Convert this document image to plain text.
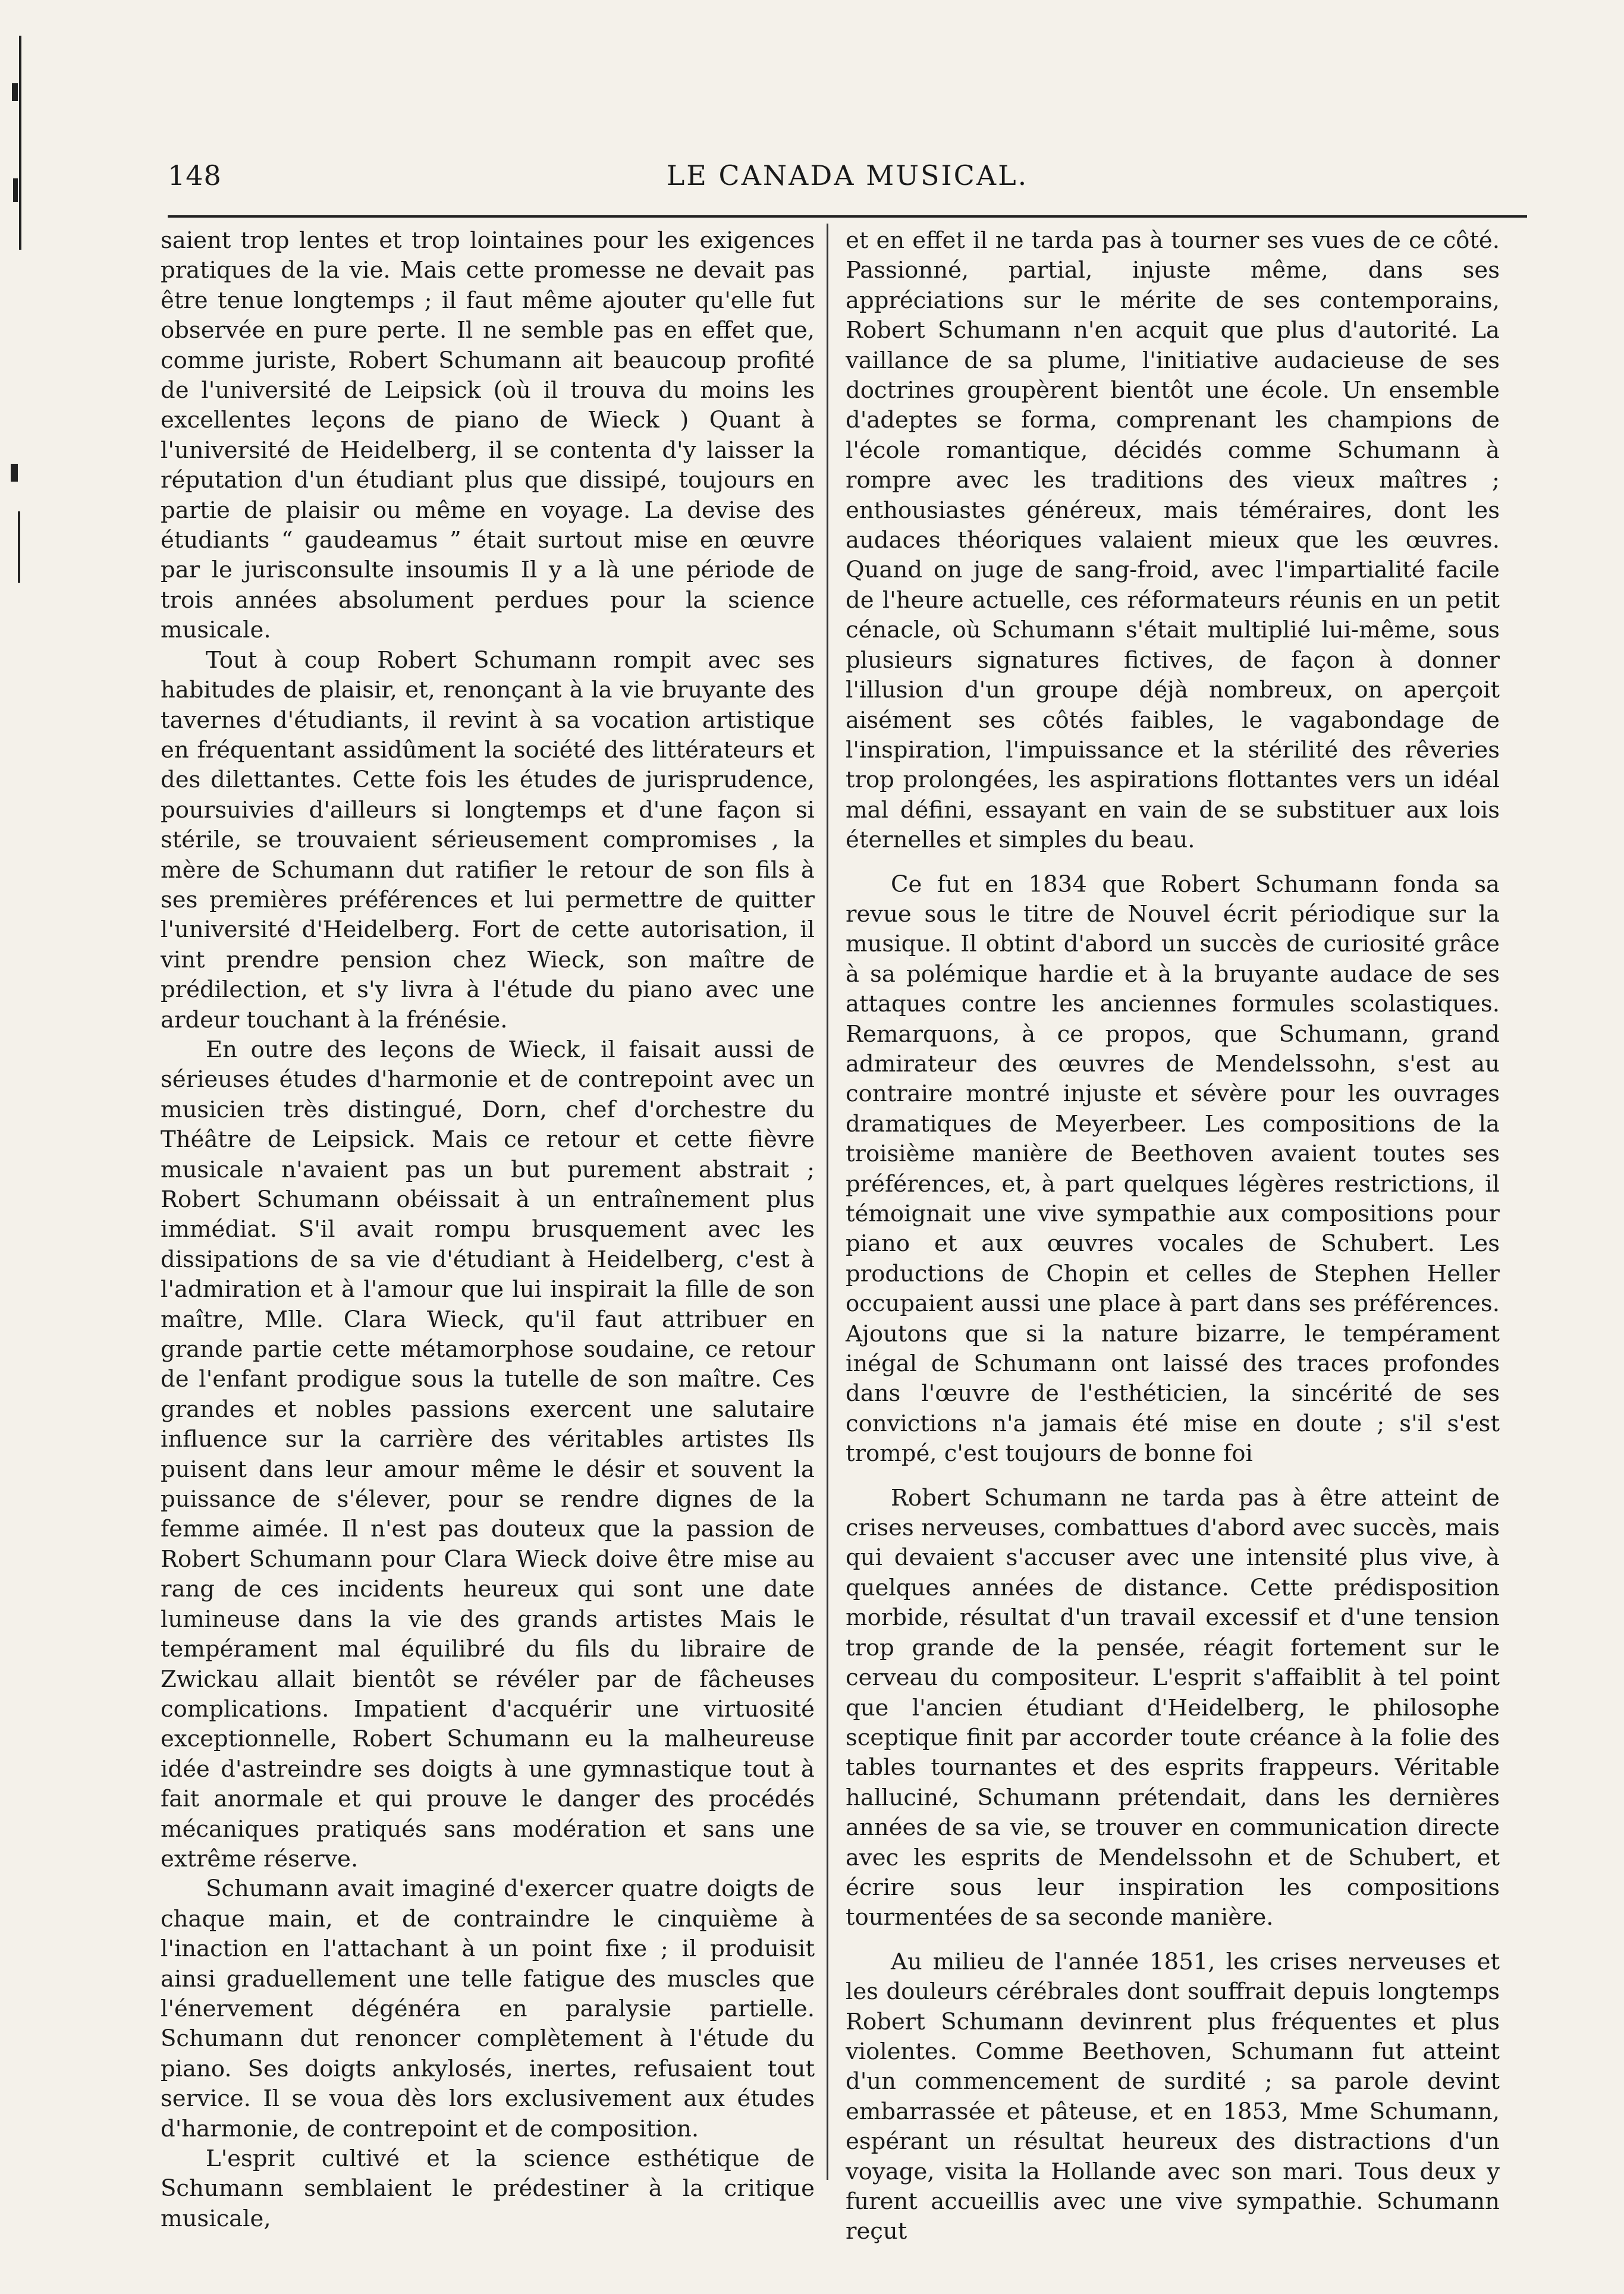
148	LE CANADA MUSICAL.

saient trop lentes et trop lointaines pour les exigences pratiques de la vie. Mais cette promesse ne devait pas être tenue longtemps ; il faut même ajouter qu'elle fut observée en pure perte. Il ne semble pas en effet que, comme juriste, Robert Schumann ait beaucoup profité de l'université de Leipsick (où il trouva du moins les excellentes leçons de piano de Wieck ) Quant à l'université de Heidelberg, il se contenta d'y laisser la réputation d'un étudiant plus que dissipé, toujours en partie de plaisir ou même en voyage. La devise des étudiants “ gaudeamus ” était surtout mise en œuvre par le jurisconsulte insoumis Il y a là une période de trois années absolument perdues pour la science musicale.

Tout à coup Robert Schumann rompit avec ses habitudes de plaisir, et, renonçant à la vie bruyante des tavernes d'étudiants, il revint à sa vocation artistique en fréquentant assidûment la société des littérateurs et des dilettantes. Cette fois les études de jurisprudence, poursuivies d'ailleurs si longtemps et d'une façon si stérile, se trouvaient sérieusement compromises , la mère de Schumann dut ratifier le retour de son fils à ses premières préférences et lui permettre de quitter l'université d'Heidelberg. Fort de cette autorisation, il vint prendre pension chez Wieck, son maître de prédilection, et s'y livra à l'étude du piano avec une ardeur touchant à la frénésie.

En outre des leçons de Wieck, il faisait aussi de sérieuses études d'harmonie et de contrepoint avec un musicien très distingué, Dorn, chef d'orchestre du Théâtre de Leipsick. Mais ce retour et cette fièvre musicale n'avaient pas un but purement abstrait ; Robert Schumann obéissait à un entraînement plus immédiat. S'il avait rompu brusquement avec les dissipations de sa vie d'étudiant à Heidelberg, c'est à l'admiration et à l'amour que lui inspirait la fille de son maître, Mlle. Clara Wieck, qu'il faut attribuer en grande partie cette métamorphose soudaine, ce retour de l'enfant prodigue sous la tutelle de son maître. Ces grandes et nobles passions exercent une salutaire influence sur la carrière des véritables artistes Ils puisent dans leur amour même le désir et souvent la puissance de s'élever, pour se rendre dignes de la femme aimée. Il n'est pas douteux que la passion de Robert Schumann pour Clara Wieck doive être mise au rang de ces incidents heureux qui sont une date lumineuse dans la vie des grands artistes Mais le tempérament mal équilibré du fils du libraire de Zwickau allait bientôt se révéler par de fâcheuses complications. Impatient d'acquérir une virtuosité exceptionnelle, Robert Schumann eu la malheureuse idée d'astreindre ses doigts à une gymnastique tout à fait anormale et qui prouve le danger des procédés mécaniques pratiqués sans modération et sans une extrême réserve.

Schumann avait imaginé d'exercer quatre doigts de chaque main, et de contraindre le cinquième à l'inaction en l'attachant à un point fixe ; il produisit ainsi graduellement une telle fatigue des muscles que l'énervement dégénéra en paralysie partielle. Schumann dut renoncer complètement à l'étude du piano. Ses doigts ankylosés, inertes, refusaient tout service. Il se voua dès lors exclusivement aux études d'harmonie, de contrepoint et de composition.

L'esprit cultivé et la science esthétique de Schumann semblaient le prédestiner à la critique musicale,

et en effet il ne tarda pas à tourner ses vues de ce côté. Passionné, partial, injuste même, dans ses appréciations sur le mérite de ses contemporains, Robert Schumann n'en acquit que plus d'autorité. La vaillance de sa plume, l'initiative audacieuse de ses doctrines groupèrent bientôt une école. Un ensemble d'adeptes se forma, comprenant les champions de l'école romantique, décidés comme Schumann à rompre avec les traditions des vieux maîtres ; enthousiastes généreux, mais téméraires, dont les audaces théoriques valaient mieux que les œuvres. Quand on juge de sang-froid, avec l'impartialité facile de l'heure actuelle, ces réformateurs réunis en un petit cénacle, où Schumann s'était multiplié lui-même, sous plusieurs signatures fictives, de façon à donner l'illusion d'un groupe déjà nombreux, on aperçoit aisément ses côtés faibles, le vagabondage de l'inspiration, l'impuissance et la stérilité des rêveries trop prolongées, les aspirations flottantes vers un idéal mal défini, essayant en vain de se substituer aux lois éternelles et simples du beau.

Ce fut en 1834 que Robert Schumann fonda sa revue sous le titre de Nouvel écrit périodique sur la musique. Il obtint d'abord un succès de curiosité grâce à sa polémique hardie et à la bruyante audace de ses attaques contre les anciennes formules scolastiques. Remarquons, à ce propos, que Schumann, grand admirateur des œuvres de Mendelssohn, s'est au contraire montré injuste et sévère pour les ouvrages dramatiques de Meyerbeer. Les compositions de la troisième manière de Beethoven avaient toutes ses préférences, et, à part quelques légères restrictions, il témoignait une vive sympathie aux compositions pour piano et aux œuvres vocales de Schubert. Les productions de Chopin et celles de Stephen Heller occupaient aussi une place à part dans ses préférences. Ajoutons que si la nature bizarre, le tempérament inégal de Schumann ont laissé des traces profondes dans l'œuvre de l'esthéticien, la sincérité de ses convictions n'a jamais été mise en doute ; s'il s'est trompé, c'est toujours de bonne foi

Robert Schumann ne tarda pas à être atteint de crises nerveuses, combattues d'abord avec succès, mais qui devaient s'accuser avec une intensité plus vive, à quelques années de distance. Cette prédisposition morbide, résultat d'un travail excessif et d'une tension trop grande de la pensée, réagit fortement sur le cerveau du compositeur. L'esprit s'affaiblit à tel point que l'ancien étudiant d'Heidelberg, le philosophe sceptique finit par accorder toute créance à la folie des tables tournantes et des esprits frappeurs. Véritable halluciné, Schumann prétendait, dans les dernières années de sa vie, se trouver en communication directe avec les esprits de Mendelssohn et de Schubert, et écrire sous leur inspiration les compositions tourmentées de sa seconde manière.

Au milieu de l'année 1851, les crises nerveuses et les douleurs cérébrales dont souffrait depuis longtemps Robert Schumann devinrent plus fréquentes et plus violentes. Comme Beethoven, Schumann fut atteint d'un commencement de surdité ; sa parole devint embarrassée et pâteuse, et en 1853, Mme Schumann, espérant un résultat heureux des distractions d'un voyage, visita la Hollande avec son mari. Tous deux y furent accueillis avec une vive sympathie. Schumann reçut
